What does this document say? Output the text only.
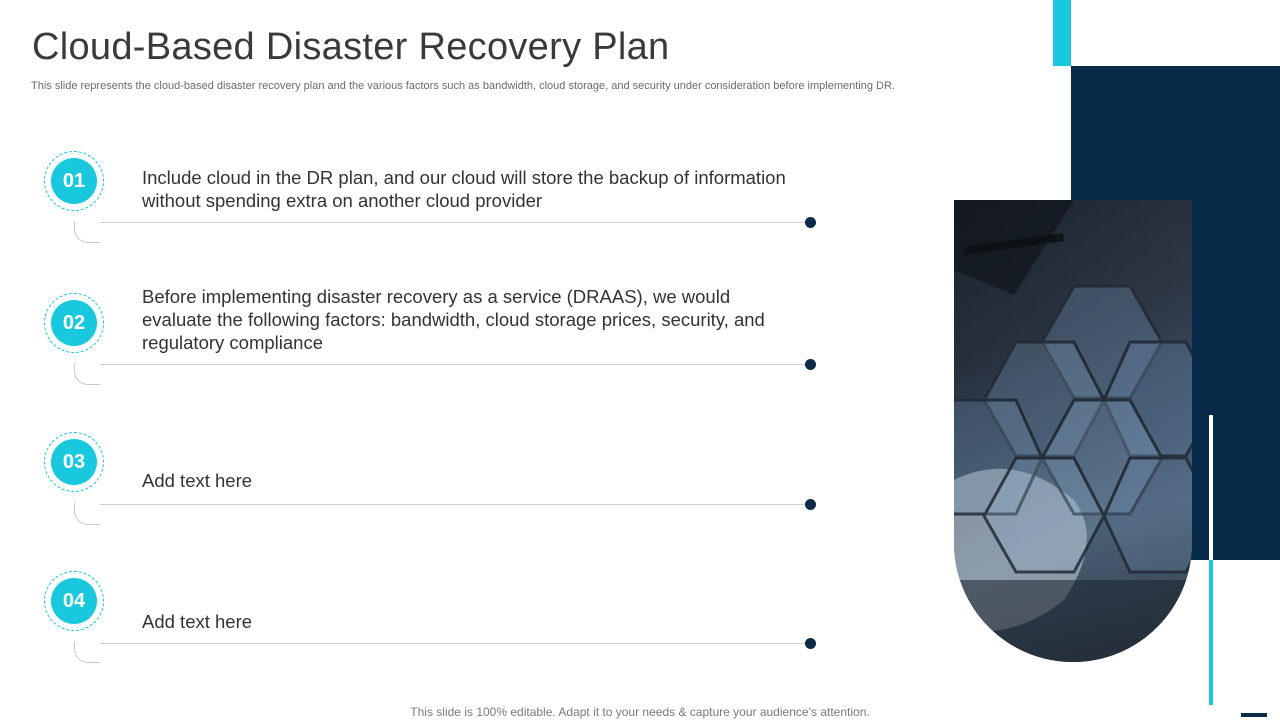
Cloud-Based Disaster Recovery Plan

This slide represents the cloud-based disaster recovery plan and the various factors such as bandwidth, cloud storage, and security under consideration before implementing DR.

01	Include cloud in the DR plan, and our cloud will store the backup of information without spending extra on another cloud provider

02

Before implementing disaster recovery as a service (DRAAS), we would evaluate the following factors: bandwidth, cloud storage prices, security, and regulatory compliance

03

Add text here

04

Add text here

This slide is 100% editable. Adapt it to your needs & capture your audience’s attention.
